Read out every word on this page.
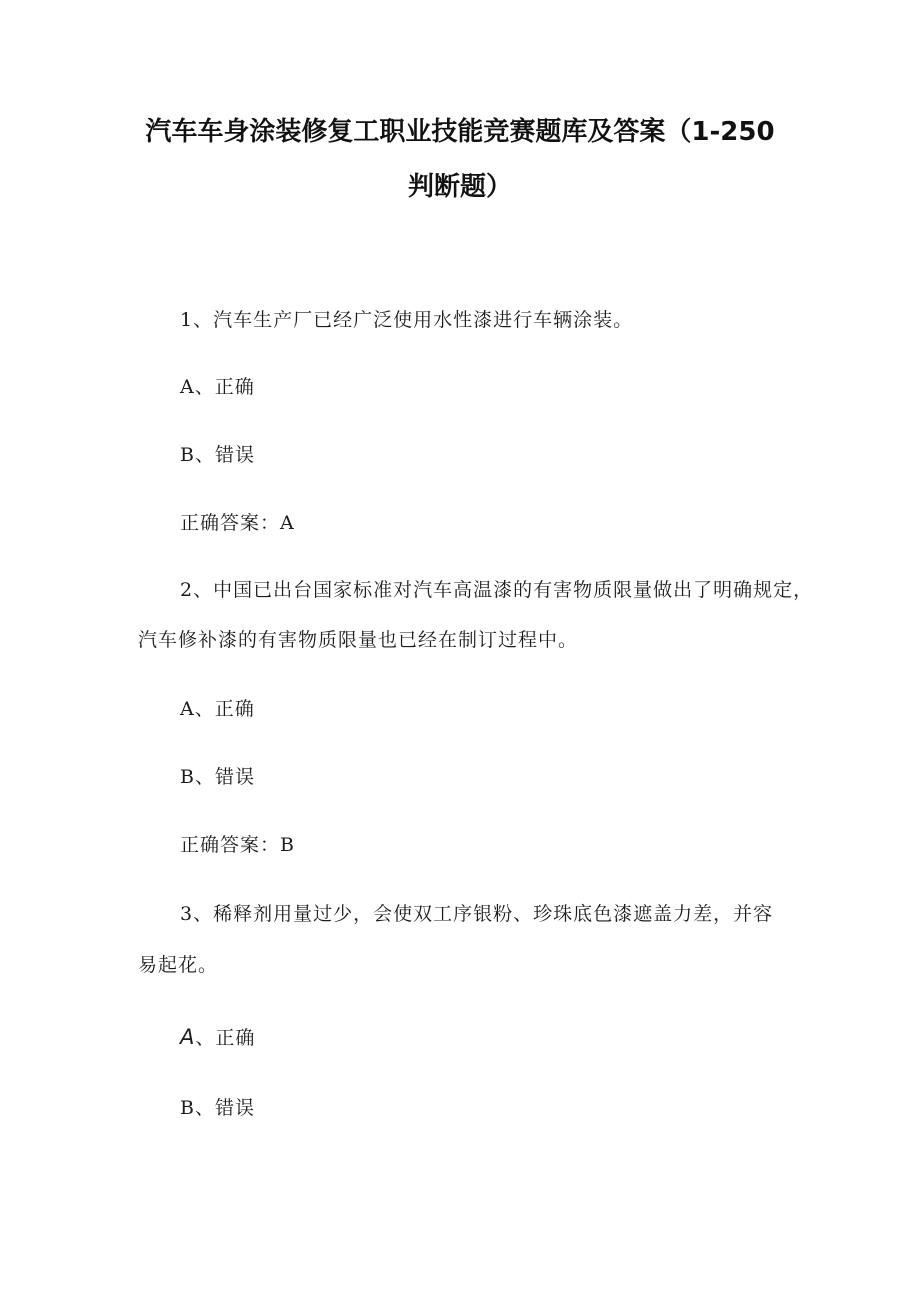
汽车车身涂装修复工职业技能竞赛题库及答案（1-250
判断题）
1、汽车生产厂已经广泛使用水性漆进行车辆涂装。
A、正确
B、错误
正确答案：A
2、中国已出台国家标准对汽车高温漆的有害物质限量做出了明确规定，
汽车修补漆的有害物质限量也已经在制订过程中。
A、正确
B、错误
正确答案：B
3、稀释剂用量过少，会使双工序银粉、珍珠底色漆遮盖力差，并容
易起花。
A、正确
B、错误
